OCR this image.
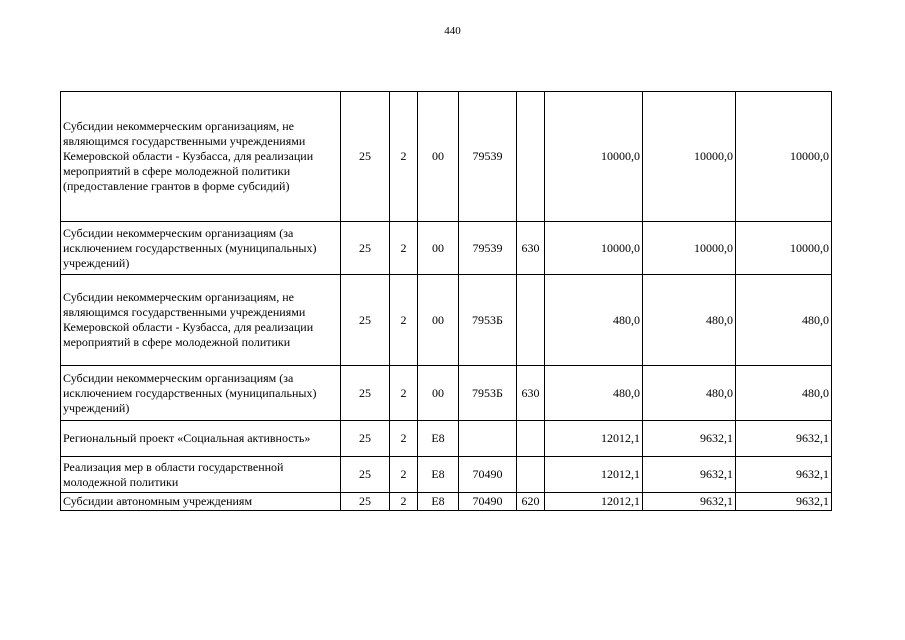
440
Субсидии некоммерческим организациям, не являющимся государственными учреждениями Кемеровской области - Кузбасса, для реализации мероприятий в сфере молодежной политики (предоставление грантов в форме субсидий)	25	2	00	79539		10000,0	10000,0	10000,0
Субсидии некоммерческим организациям (за исключением государственных (муниципальных) учреждений)	25	2	00	79539	630	10000,0	10000,0	10000,0
Субсидии некоммерческим организациям, не являющимся государственными учреждениями Кемеровской области - Кузбасса, для реализации мероприятий в сфере молодежной политики	25	2	00	7953Б		480,0	480,0	480,0
Субсидии некоммерческим организациям (за исключением государственных (муниципальных) учреждений)	25	2	00	7953Б	630	480,0	480,0	480,0
Региональный проект «Социальная активность»	25	2	Е8			12012,1	9632,1	9632,1
Реализация мер в области государственной молодежной политики	25	2	Е8	70490		12012,1	9632,1	9632,1
Субсидии автономным учреждениям	25	2	Е8	70490	620	12012,1	9632,1	9632,1
